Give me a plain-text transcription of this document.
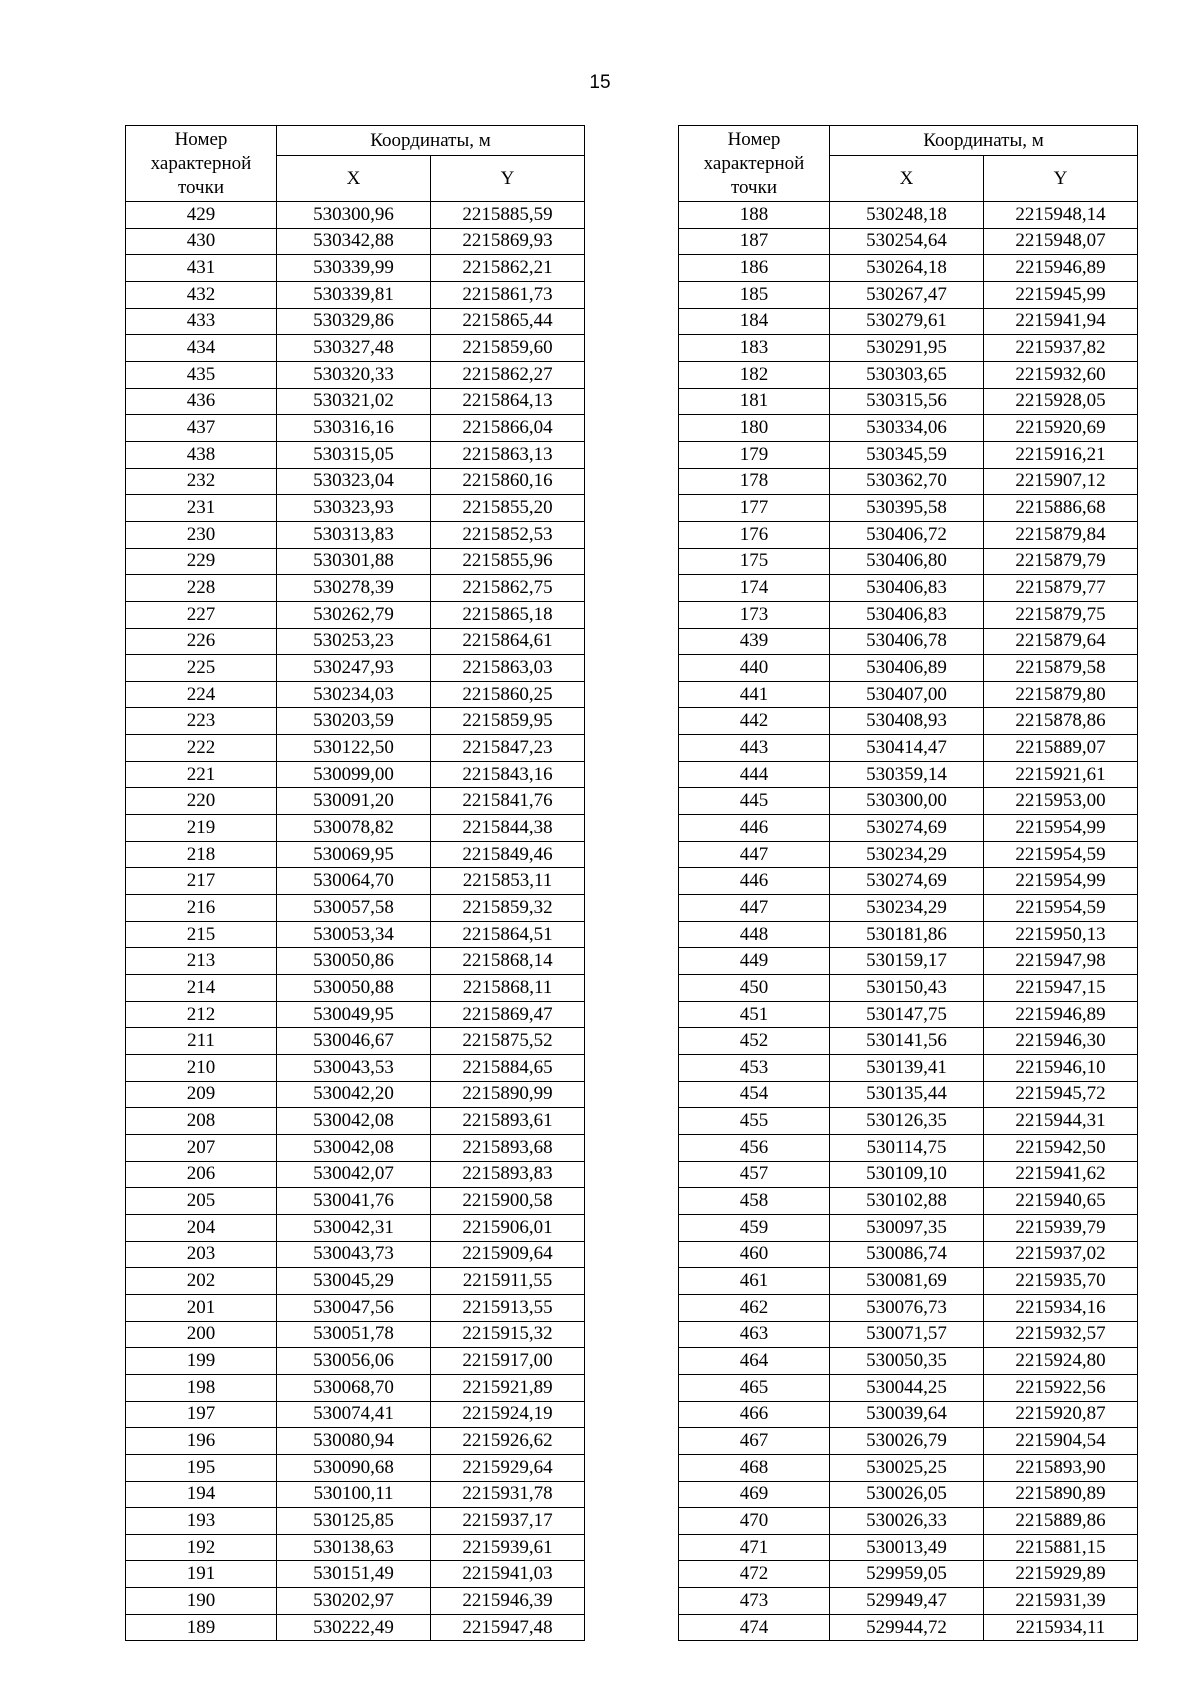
15
Номер
характерной
точки	Координаты, м	
	X	Y
429	530300,96	2215885,59
430	530342,88	2215869,93
431	530339,99	2215862,21
432	530339,81	2215861,73
433	530329,86	2215865,44
434	530327,48	2215859,60
435	530320,33	2215862,27
436	530321,02	2215864,13
437	530316,16	2215866,04
438	530315,05	2215863,13
232	530323,04	2215860,16
231	530323,93	2215855,20
230	530313,83	2215852,53
229	530301,88	2215855,96
228	530278,39	2215862,75
227	530262,79	2215865,18
226	530253,23	2215864,61
225	530247,93	2215863,03
224	530234,03	2215860,25
223	530203,59	2215859,95
222	530122,50	2215847,23
221	530099,00	2215843,16
220	530091,20	2215841,76
219	530078,82	2215844,38
218	530069,95	2215849,46
217	530064,70	2215853,11
216	530057,58	2215859,32
215	530053,34	2215864,51
213	530050,86	2215868,14
214	530050,88	2215868,11
212	530049,95	2215869,47
211	530046,67	2215875,52
210	530043,53	2215884,65
209	530042,20	2215890,99
208	530042,08	2215893,61
207	530042,08	2215893,68
206	530042,07	2215893,83
205	530041,76	2215900,58
204	530042,31	2215906,01
203	530043,73	2215909,64
202	530045,29	2215911,55
201	530047,56	2215913,55
200	530051,78	2215915,32
199	530056,06	2215917,00
198	530068,70	2215921,89
197	530074,41	2215924,19
196	530080,94	2215926,62
195	530090,68	2215929,64
194	530100,11	2215931,78
193	530125,85	2215937,17
192	530138,63	2215939,61
191	530151,49	2215941,03
190	530202,97	2215946,39
189	530222,49	2215947,48
Номер
характерной
точки	Координаты, м	
	X	Y
188	530248,18	2215948,14
187	530254,64	2215948,07
186	530264,18	2215946,89
185	530267,47	2215945,99
184	530279,61	2215941,94
183	530291,95	2215937,82
182	530303,65	2215932,60
181	530315,56	2215928,05
180	530334,06	2215920,69
179	530345,59	2215916,21
178	530362,70	2215907,12
177	530395,58	2215886,68
176	530406,72	2215879,84
175	530406,80	2215879,79
174	530406,83	2215879,77
173	530406,83	2215879,75
439	530406,78	2215879,64
440	530406,89	2215879,58
441	530407,00	2215879,80
442	530408,93	2215878,86
443	530414,47	2215889,07
444	530359,14	2215921,61
445	530300,00	2215953,00
446	530274,69	2215954,99
447	530234,29	2215954,59
446	530274,69	2215954,99
447	530234,29	2215954,59
448	530181,86	2215950,13
449	530159,17	2215947,98
450	530150,43	2215947,15
451	530147,75	2215946,89
452	530141,56	2215946,30
453	530139,41	2215946,10
454	530135,44	2215945,72
455	530126,35	2215944,31
456	530114,75	2215942,50
457	530109,10	2215941,62
458	530102,88	2215940,65
459	530097,35	2215939,79
460	530086,74	2215937,02
461	530081,69	2215935,70
462	530076,73	2215934,16
463	530071,57	2215932,57
464	530050,35	2215924,80
465	530044,25	2215922,56
466	530039,64	2215920,87
467	530026,79	2215904,54
468	530025,25	2215893,90
469	530026,05	2215890,89
470	530026,33	2215889,86
471	530013,49	2215881,15
472	529959,05	2215929,89
473	529949,47	2215931,39
474	529944,72	2215934,11
